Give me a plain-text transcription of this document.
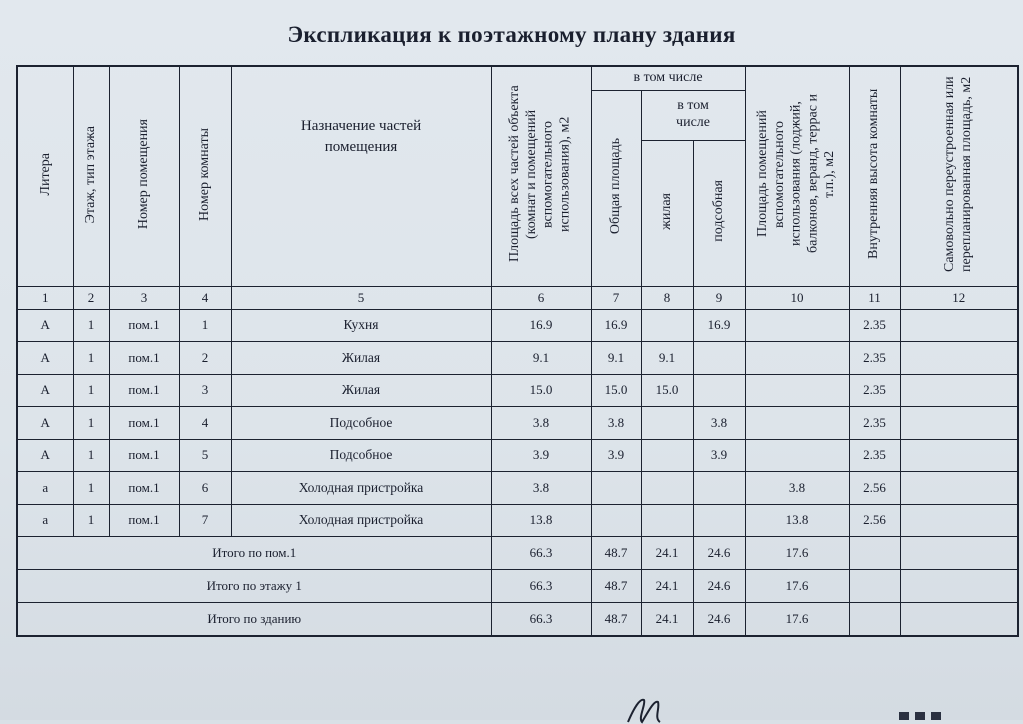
Экспликация к поэтажному плану здания
Литера	Этаж, тип этажа	Номер помещения	Номер комнаты	Назначение частей помещения	Площадь всех частей объекта (комнат и помещений вспомогательного использования), м2	в том числе			Площадь помещений вспомогательного использования (лоджий, балконов, веранд, террас и т.п.), м2	Внутренняя высота комнаты	Самовольно переустроенная или перепланированная площадь, м2
						Общая площадь	в том числе				

							жилая	подсобная			
1	2	3	4	5	6	7	8	9	10	11	12
А	1	пом.1	1	Кухня	16.9	16.9		16.9		2.35	
А	1	пом.1	2	Жилая	9.1	9.1	9.1			2.35	
А	1	пом.1	3	Жилая	15.0	15.0	15.0			2.35	
А	1	пом.1	4	Подсобное	3.8	3.8		3.8		2.35	
А	1	пом.1	5	Подсобное	3.9	3.9		3.9		2.35	
а	1	пом.1	6	Холодная пристройка	3.8				3.8	2.56	
а	1	пом.1	7	Холодная пристройка	13.8				13.8	2.56	
Итого по пом.1					66.3	48.7	24.1	24.6	17.6		
Итого по этажу 1					66.3	48.7	24.1	24.6	17.6		
Итого по зданию					66.3	48.7	24.1	24.6	17.6		
